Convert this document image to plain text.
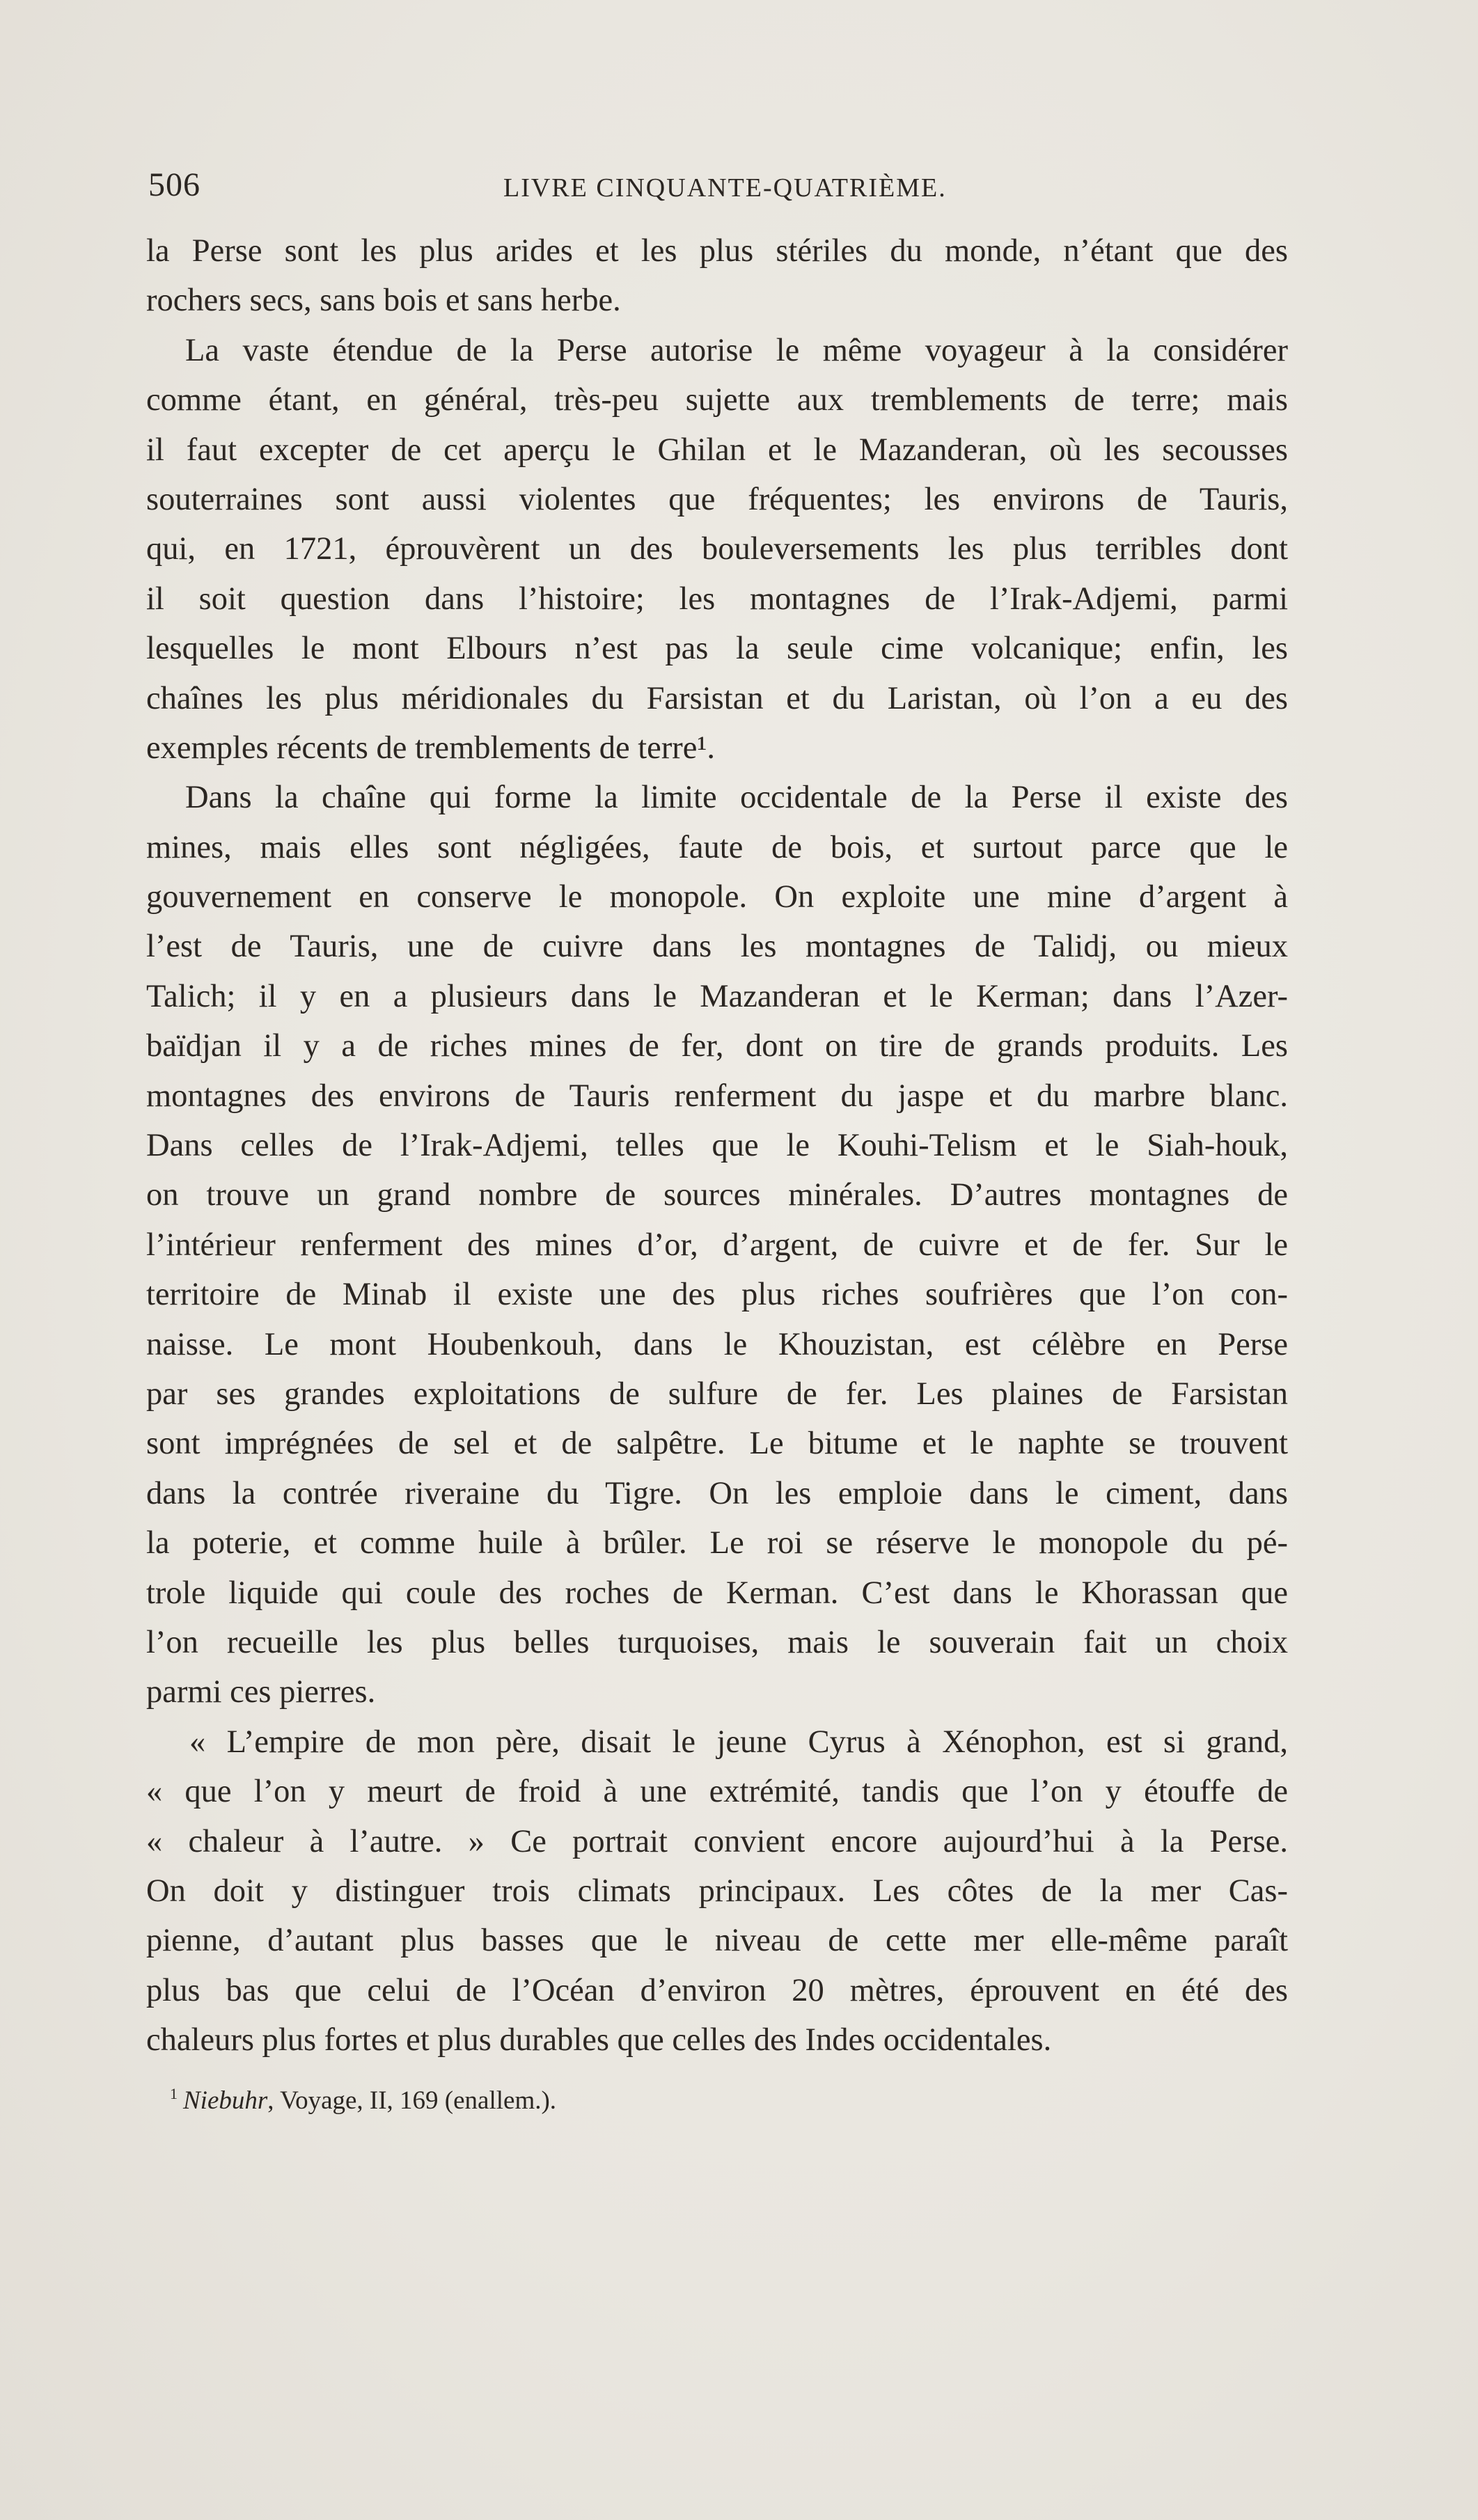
506	LIVRE CINQUANTE-QUATRIÈME.
la Perse sont les plus arides et les plus stériles du monde, n’étant que des
rochers secs, sans bois et sans herbe.
La vaste étendue de la Perse autorise le même voyageur à la considérer
comme étant, en général, très-peu sujette aux tremblements de terre; mais
il faut excepter de cet aperçu le Ghilan et le Mazanderan, où les secousses
souterraines sont aussi violentes que fréquentes; les environs de Tauris,
qui, en 1721, éprouvèrent un des bouleversements les plus terribles dont
il soit question dans l’histoire; les montagnes de l’Irak-Adjemi, parmi
lesquelles le mont Elbours n’est pas la seule cime volcanique; enfin, les
chaînes les plus méridionales du Farsistan et du Laristan, où l’on a eu des
exemples récents de tremblements de terre¹.
Dans la chaîne qui forme la limite occidentale de la Perse il existe des
mines, mais elles sont négligées, faute de bois, et surtout parce que le
gouvernement en conserve le monopole. On exploite une mine d’argent à
l’est de Tauris, une de cuivre dans les montagnes de Talidj, ou mieux
Talich; il y en a plusieurs dans le Mazanderan et le Kerman; dans l’Azer-
baïdjan il y a de riches mines de fer, dont on tire de grands produits. Les
montagnes des environs de Tauris renferment du jaspe et du marbre blanc.
Dans celles de l’Irak-Adjemi, telles que le Kouhi-Telism et le Siah-houk,
on trouve un grand nombre de sources minérales. D’autres montagnes de
l’intérieur renferment des mines d’or, d’argent, de cuivre et de fer. Sur le
territoire de Minab il existe une des plus riches soufrières que l’on con-
naisse. Le mont Houbenkouh, dans le Khouzistan, est célèbre en Perse
par ses grandes exploitations de sulfure de fer. Les plaines de Farsistan
sont imprégnées de sel et de salpêtre. Le bitume et le naphte se trouvent
dans la contrée riveraine du Tigre. On les emploie dans le ciment, dans
la poterie, et comme huile à brûler. Le roi se réserve le monopole du pé-
trole liquide qui coule des roches de Kerman. C’est dans le Khorassan que
l’on recueille les plus belles turquoises, mais le souverain fait un choix
parmi ces pierres.
« L’empire de mon père, disait le jeune Cyrus à Xénophon, est si grand,
« que l’on y meurt de froid à une extrémité, tandis que l’on y étouffe de
« chaleur à l’autre. » Ce portrait convient encore aujourd’hui à la Perse.
On doit y distinguer trois climats principaux. Les côtes de la mer Cas-
pienne, d’autant plus basses que le niveau de cette mer elle-même paraît
plus bas que celui de l’Océan d’environ 20 mètres, éprouvent en été des
chaleurs plus fortes et plus durables que celles des Indes occidentales.
$^1$ Niebuhr, Voyage, II, 169 (enallem.).
